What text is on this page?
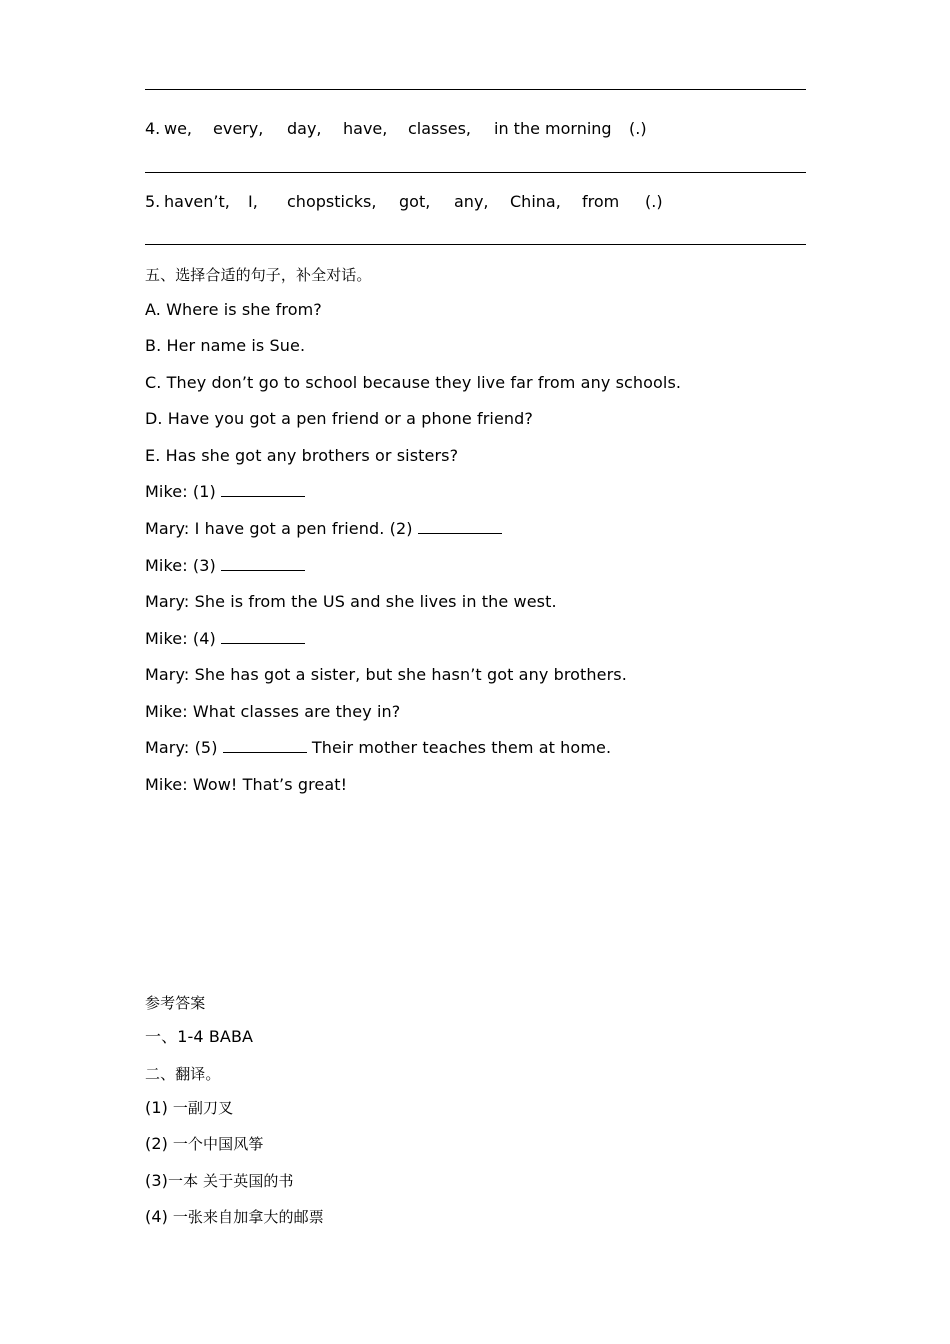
4. we, every, day, have, classes, in the morning (.)
5. haven’t, I, chopsticks, got, any, China, from (.)
五、选择合适的句子，补全对话。
A. Where is she from?
B. Her name is Sue.
C. They don’t go to school because they live far from any schools.
D. Have you got a pen friend or a phone friend?
E. Has she got any brothers or sisters?
Mike: (1)
Mary: I have got a pen friend. (2)
Mike: (3)
Mary: She is from the US and she lives in the west.
Mike: (4)
Mary: She has got a sister, but she hasn’t got any brothers.
Mike: What classes are they in?
Mary: (5)	Their mother teaches them at home.
Mike: Wow! That’s great!
参考答案
一、1-4 BABA
二、翻译。
(1) 一副刀叉
(2) 一个中国风筝
(3)一本 关于英国的书
(4) 一张来自加拿大的邮票
